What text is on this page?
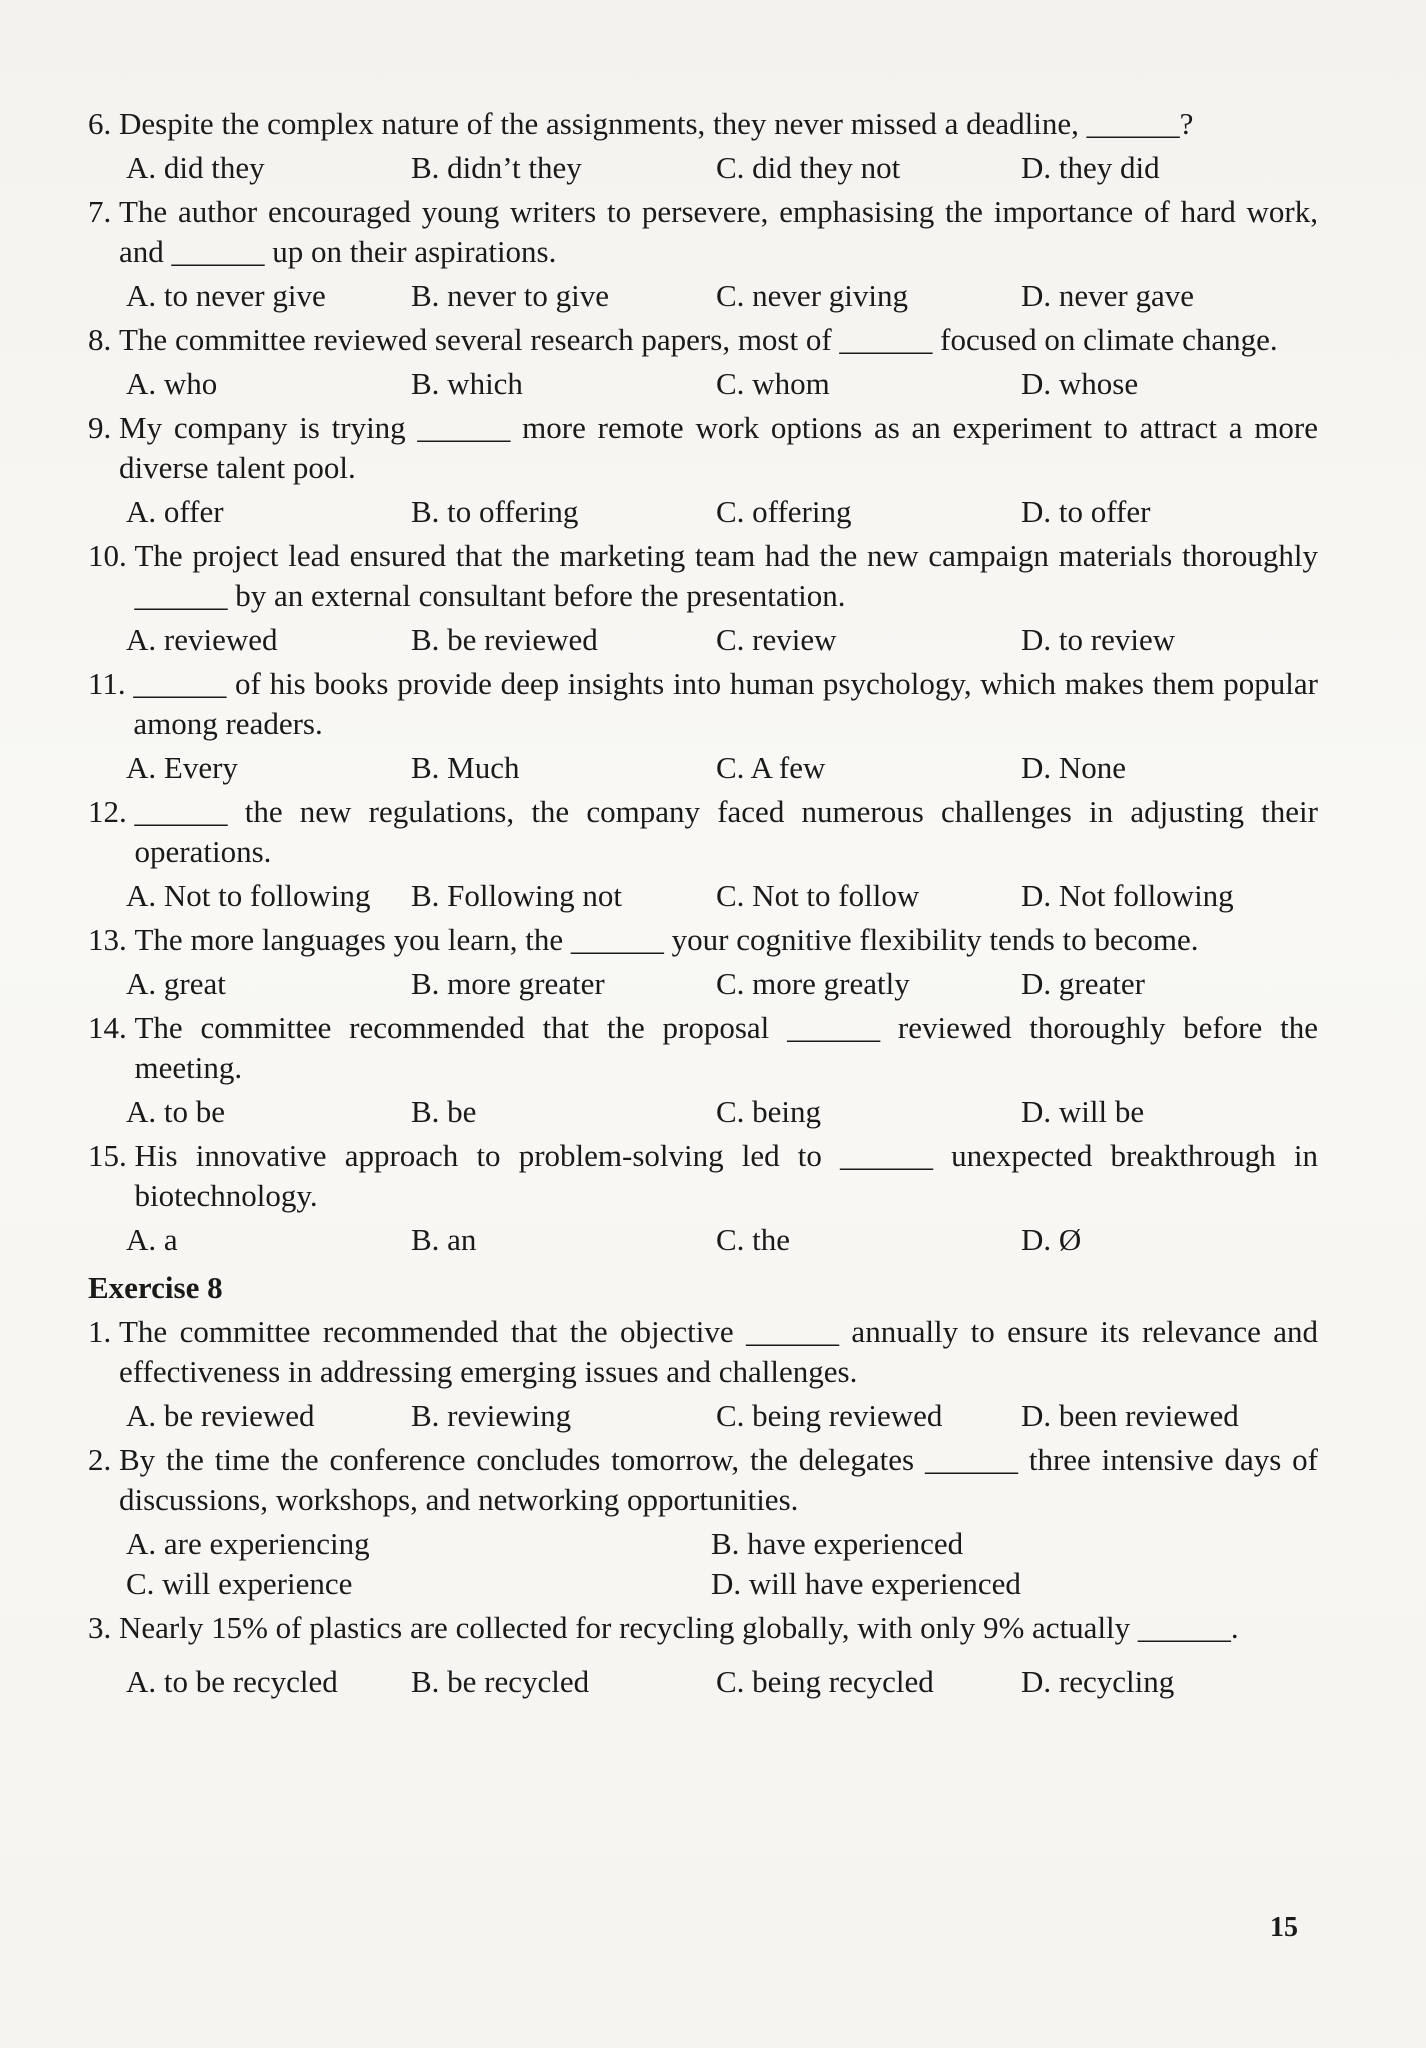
6.
Despite the complex nature of the assignments, they never missed a deadline, ______?
A. did they	B. didn’t they	C. did they not	D. they did
7.
The author encouraged young writers to persevere, emphasising the importance of hard work, and ______ up on their aspirations.
A. to never give	B. never to give	C. never giving	D. never gave
8.
The committee reviewed several research papers, most of ______ focused on climate change.
A. who	B. which	C. whom	D. whose
9.
My company is trying ______ more remote work options as an experiment to attract a more diverse talent pool.
A. offer	B. to offering	C. offering	D. to offer
10.
The project lead ensured that the marketing team had the new campaign materials thoroughly ______ by an external consultant before the presentation.
A. reviewed	B. be reviewed	C. review	D. to review
11.
______ of his books provide deep insights into human psychology, which makes them popular among readers.
A. Every	B. Much	C. A few	D. None
12.
______ the new regulations, the company faced numerous challenges in adjusting their operations.
A. Not to following	B. Following not	C. Not to follow	D. Not following
13.
The more languages you learn, the ______ your cognitive flexibility tends to become.
A. great	B. more greater	C. more greatly	D. greater
14.
The committee recommended that the proposal ______ reviewed thoroughly before the meeting.
A. to be	B. be	C. being	D. will be
15.
His innovative approach to problem-solving led to ______ unexpected breakthrough in biotechnology.
A. a	B. an	C. the	D. Ø
Exercise 8
1.
The committee recommended that the objective ______ annually to ensure its relevance and effectiveness in addressing emerging issues and challenges.
A. be reviewed	B. reviewing	C. being reviewed	D. been reviewed
2.
By the time the conference concludes tomorrow, the delegates ______ three intensive days of discussions, workshops, and networking opportunities.
A. are experiencing	B. have experienced
C. will experience	D. will have experienced
3.
Nearly 15% of plastics are collected for recycling globally, with only 9% actually ______.
A. to be recycled	B. be recycled	C. being recycled	D. recycling
15
